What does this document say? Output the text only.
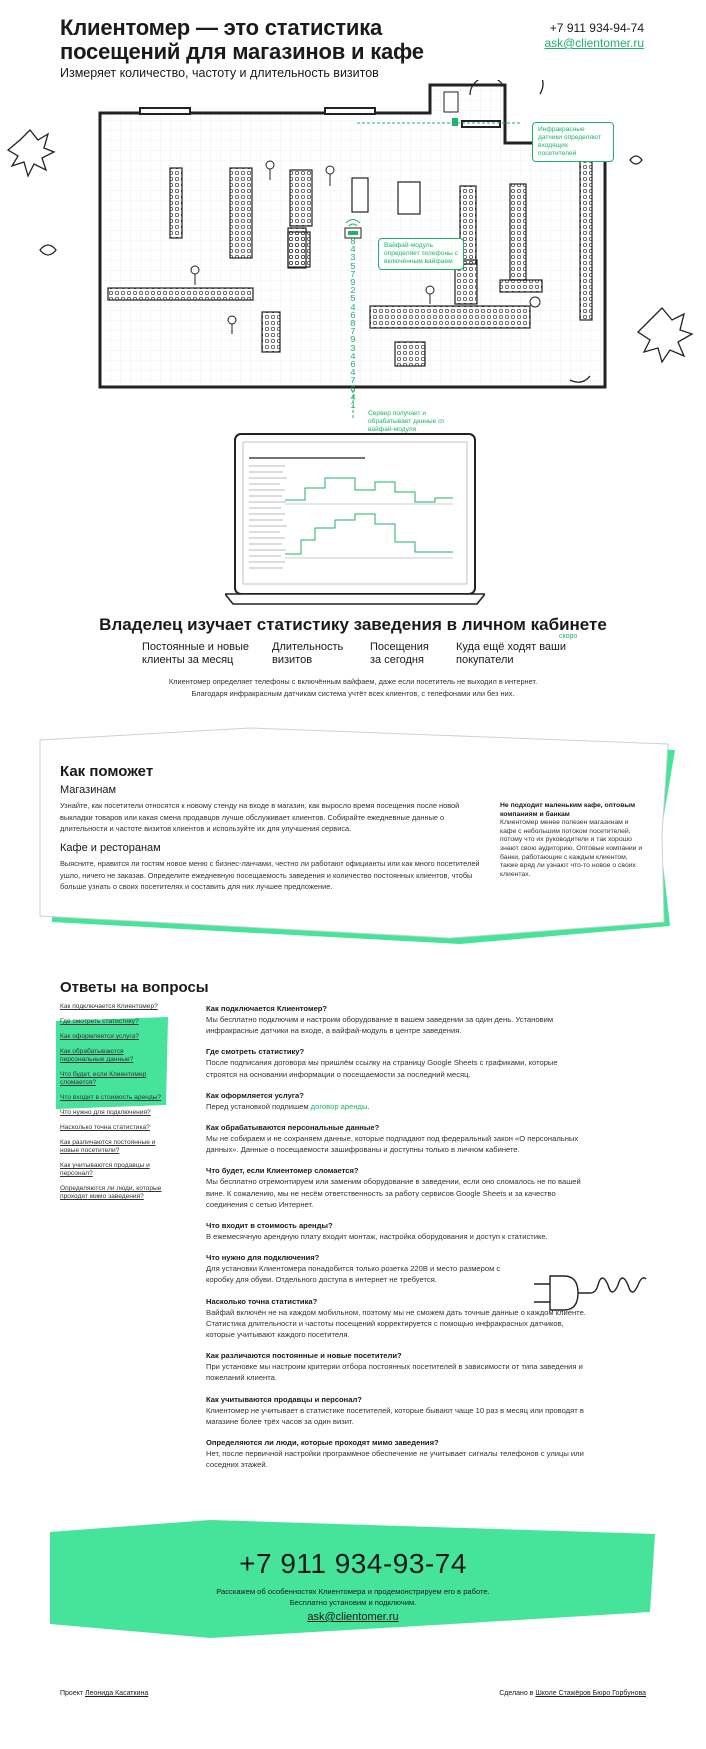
Клиентомер — это статистика посещений для магазинов и кафе
Измеряет количество, частоту и длительность визитов
+7 911 934-94-74
ask@clientomer.ru
8
4
3
5
7
9
2
5
4
6
8
7
9
3
4
6
4
7
6
4
1
Инфракрасные датчики определяют входящих посетителей
Вайфай-модуль определяет телефоны с включённым вайфаем
Сервер получает и обрабатывает данные от вайфай-модуля
Владелец изучает статистику заведения в личном кабинете
Постоянные и новые
клиенты за месяц
Длительность
визитов
Посещения
за сегодня
Куда ещё ходят ваши
покупатели
скоро
Клиентомер определяет телефоны с включённым вайфаем, даже если посетитель не выходил в интернет.
Благодаря инфракрасным датчикам система учтёт всех клиентов, с телефонами или без них.
Как поможет
Магазинам
Узнайте, как посетители относятся к новому стенду на входе в магазин, как выросло время посещения после новой выкладки товаров или какая смена продавцов лучше обслуживает клиентов. Собирайте ежедневные данные о длительности и частоте визитов клиентов и используйте их для улучшения сервиса.
Кафе и ресторанам
Выясните, нравится ли гостям новое меню с бизнес-ланчами, честно ли работают официанты или как много посетителей ушло, ничего не заказав. Определите ежедневную посещаемость заведения и количество постоянных клиентов, чтобы больше узнать о своих посетителях и составить для них лучшее предложение.
Не подходит маленьким кафе, оптовым компаниям и банкам
Клиентомер менее полезен магазинам и кафе с небольшим потоком посетителей, потому что их руководители и так хорошо знают свою аудиторию. Оптовые компании и банки, работающие с каждым клиентом, также вряд ли узнают что-то новое о своих клиентах.
Ответы на вопросы
Как подключается Клиентомер?
Где смотреть статистику?
Как оформляется услуга?
Как обрабатываются персональные данные?
Что будет, если Клиентомер сломается?
Что входит в стоимость аренды?
Что нужно для подключения?
Насколько точна статистика?
Как различаются постоянные и новые посетители?
Как учитываются продавцы и персонал?
Определяются ли люди, которые проходят мимо заведения?
Как подключается Клиентомер?
Мы бесплатно подключим и настроим оборудование в вашем заведении за один день. Установим инфракрасные датчики на входе, а вайфай-модуль в центре заведения.
Где смотреть статистику?
После подписания договора мы пришлём ссылку на страницу Google Sheets с графиками, которые строятся на основании информации о посещаемости за последний месяц.
Как оформляется услуга?
Перед установкой подпишем договор аренды.
Как обрабатываются персональные данные?
Мы не собираем и не сохраняем данные, которые подпадают под федеральный закон «О персональных данных». Данные о посещаемости зашифрованы и доступны только в личном кабинете.
Что будет, если Клиентомер сломается?
Мы бесплатно отремонтируем или заменим оборудование в заведении, если оно сломалось не по вашей вине. К сожалению, мы не несём ответственность за работу сервисов Google Sheets и за качество соединения с сетью Интернет.
Что входит в стоимость аренды?
В ежемесячную арендную плату входит монтаж, настройка оборудования и доступ к статистике.
Что нужно для подключения?
Для установки Клиентомера понадобится только розетка 220В и место размером с коробку для обуви. Отдельного доступа в интернет не требуется.
Насколько точна статистика?
Вайфай включён не на каждом мобильном, поэтому мы не сможем дать точные данные о каждом клиенте. Статистика длительности и частоты посещений корректируется с помощью инфракрасных датчиков, которые учитывают каждого посетителя.
Как различаются постоянные и новые посетители?
При установке мы настроим критерии отбора постоянных посетителей в зависимости от типа заведения и пожеланий клиента.
Как учитываются продавцы и персонал?
Клиентомер не учитывает в статистике посетителей, которые бывают чаще 10 раз в месяц или проводят в магазине более трёх часов за один визит.
Определяются ли люди, которые проходят мимо заведения?
Нет, после первичной настройки программное обеспечение не учитывает сигналы телефонов с улицы или соседних этажей.
+7 911 934-93-74
Расскажем об особенностях Клиентомера и продемонстрируем его в работе.
Бесплатно установим и подключим.
ask@clientomer.ru
Проект Леонида Касаткина	Сделано в Школе Стажёров Бюро Горбунова
